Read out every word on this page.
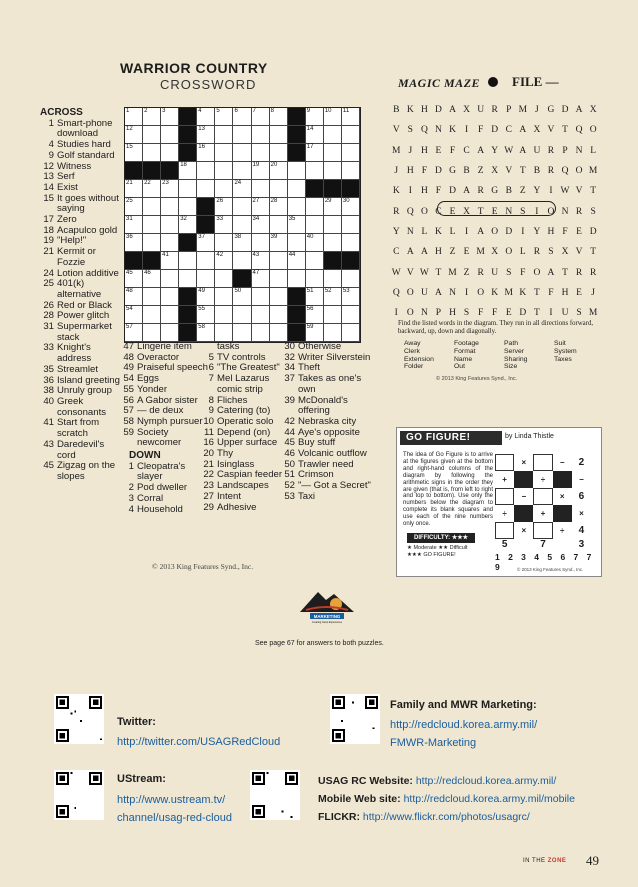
WARRIOR COUNTRY
CROSSWORD
1 2 3	4 5 6 7 8	9 10 11
12	13	14
15	16	17
18	19 20
21 22 23	24
25	26	27 28	29 30
31	32	33	34	35
36	37	38	39	40
41	42	43	44
45 46	47
48	49	50	51 52 53
54	55	56
57	58	59
ACROSS
1 Smart-phone download
4 Studies hard
9 Golf standard
12 Witness
13 Serf
14 Exist
15 It goes without saying
17 Zero
18 Acapulco gold
19 "Help!"
21 Kermit or Fozzie
24 Lotion additive
25 401(k) alternative
26 Red or Black
28 Power glitch
31 Supermarket stack
33 Knight's address
35 Streamlet
36 Island greeting
38 Unruly group
40 Greek consonants
41 Start from scratch
43 Daredevil's cord
45 Zigzag on the slopes
47 Lingerie item
48 Overactor
49 Praiseful speech
54 Eggs
55 Yonder
56 A Gabor sister
57 — de deux
58 Nymph pursuer
59 Society newcomer
DOWN
1 Cleopatra's slayer
2 Pod dweller
3 Corral
4 Household
tasks
5 TV controls
6 "The Greatest"
7 Mel Lazarus comic strip
8 Fliches
9 Catering (to)
10 Operatic solo
11 Depend (on)
16 Upper surface
20 Thy
21 Isinglass
22 Caspian feeder
23 Landscapes
27 Intent
29 Adhesive
30 Otherwise
32 Writer Silverstein
34 Theft
37 Takes as one's own
39 McDonald's offering
42 Nebraska city
44 Aye's opposite
45 Buy stuff
46 Volcanic outflow
50 Trawler need
51 Crimson
52 "— Got a Secret"
53 Taxi
© 2013 King Features Synd., Inc.
MAGIC MAZE FILE —
B K H D A X U R P M J G D A X
V S Q N K I F D C A X V T Q O
M J H E F C A Y W A U R P N L
J H F D G B Z X V T B R Q O M
K I H F D A R G B Z Y I W V T
R Q O C E X T E N S I O N R S
Y N L K L I A O D I Y H F E D
C A A H Z E M X O L R S X V T
W V W T M Z R U S F O A T R R
Q O U A N I O K M K T F H E J
I O N P H S F F E D T I U S M
Find the listed words in the diagram. They run in all directions forward, backward, up, down and diagonally.
Away	Footage	Path	Suit
Clerk	Format	Server	System
Extension	Name	Sharing	Taxes
Folder	Out	Size
© 2013 King Features Synd., Inc.
GO FIGURE!	by Linda Thistle
The idea of Go Figure is to arrive at the figures given at the bottom and right-hand columns of the diagram by following the arithmetic signs in the order they are given (that is, from left to right and top to bottom). Use only the numbers below the diagram to complete its blank squares and use each of the nine numbers only once.
DIFFICULTY: ★★★
★ Moderate ★★ Difficult
★★★ GO FIGURE!
×	−	2
+	÷	−
−	×	6
÷	+	×
×	÷	4
5	7	3
1 2 3 4 5 6 7 7 9	© 2013 King Features Synd., Inc.
MARKETING
Red Cloud
Creating Camp Experiences
See page 67 for answers to both puzzles.
Twitter:
http://twitter.com/USAGRedCloud
UStream:
http://www.ustream.tv/
channel/usag-red-cloud
Family and MWR Marketing:
http://redcloud.korea.army.mil/
FMWR-Marketing
USAG RC Website: http://redcloud.korea.army.mil/
Mobile Web site: http://redcloud.korea.army.mil/mobile
FLICKR: http://www.flickr.com/photos/usagrc/
IN THE ZONE 49
